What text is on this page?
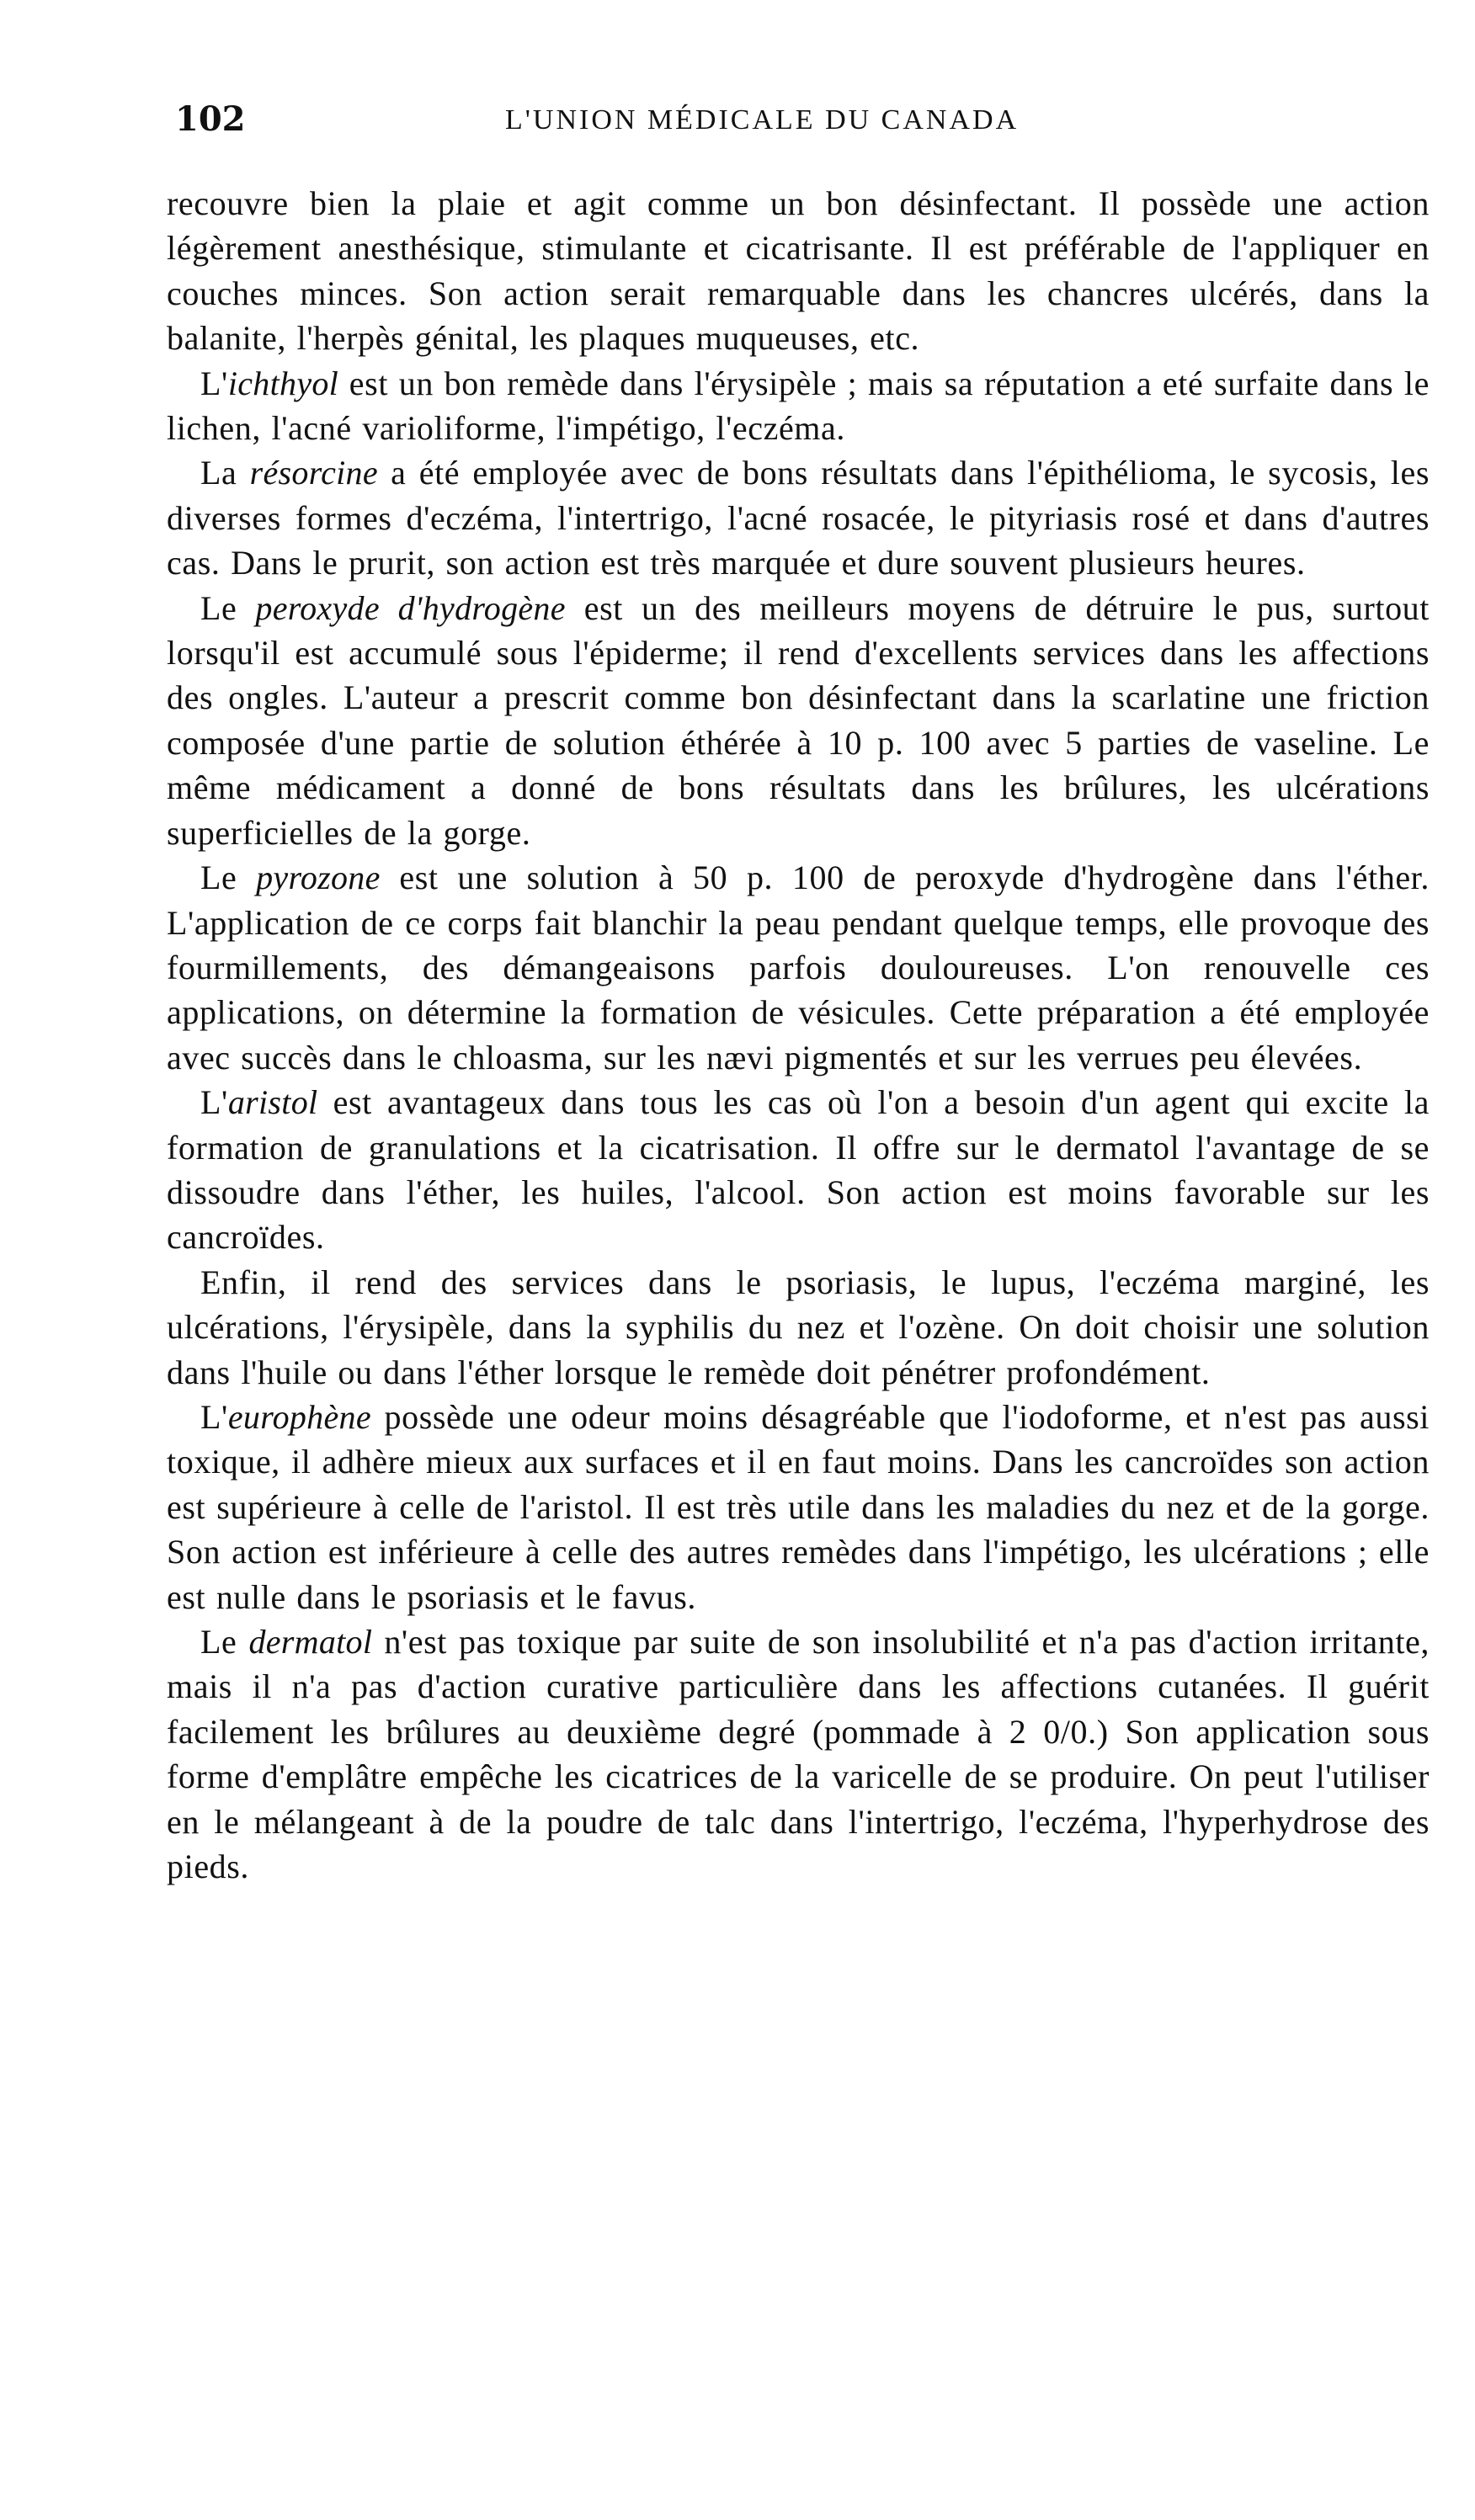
102	L'UNION MÉDICALE DU CANADA

recouvre bien la plaie et agit comme un bon désinfectant. Il possède une action légèrement anesthésique, stimulante et cicatrisante. Il est préférable de l'appliquer en couches minces. Son action serait remarquable dans les chancres ulcérés, dans la balanite, l'herpès génital, les plaques muqueuses, etc.

L'ichthyol est un bon remède dans l'érysipèle ; mais sa réputation a eté surfaite dans le lichen, l'acné varioliforme, l'impétigo, l'eczéma.

La résorcine a été employée avec de bons résultats dans l'épithélioma, le sycosis, les diverses formes d'eczéma, l'intertrigo, l'acné rosacée, le pityriasis rosé et dans d'autres cas. Dans le prurit, son action est très marquée et dure souvent plusieurs heures.

Le peroxyde d'hydrogène est un des meilleurs moyens de détruire le pus, surtout lorsqu'il est accumulé sous l'épiderme; il rend d'excellents services dans les affections des ongles. L'auteur a prescrit comme bon désinfectant dans la scarlatine une friction composée d'une partie de solution éthérée à 10 p. 100 avec 5 parties de vaseline. Le même médicament a donné de bons résultats dans les brûlures, les ulcérations superficielles de la gorge.

Le pyrozone est une solution à 50 p. 100 de peroxyde d'hydrogène dans l'éther. L'application de ce corps fait blanchir la peau pendant quelque temps, elle provoque des fourmillements, des démangeaisons parfois douloureuses. L'on renouvelle ces applications, on détermine la formation de vésicules. Cette préparation a été employée avec succès dans le chloasma, sur les nævi pigmentés et sur les verrues peu élevées.

L'aristol est avantageux dans tous les cas où l'on a besoin d'un agent qui excite la formation de granulations et la cicatrisation. Il offre sur le dermatol l'avantage de se dissoudre dans l'éther, les huiles, l'alcool. Son action est moins favorable sur les cancroïdes.

Enfin, il rend des services dans le psoriasis, le lupus, l'eczéma marginé, les ulcérations, l'érysipèle, dans la syphilis du nez et l'ozène. On doit choisir une solution dans l'huile ou dans l'éther lorsque le remède doit pénétrer profondément.

L'europhène possède une odeur moins désagréable que l'iodoforme, et n'est pas aussi toxique, il adhère mieux aux surfaces et il en faut moins. Dans les cancroïdes son action est supérieure à celle de l'aristol. Il est très utile dans les maladies du nez et de la gorge. Son action est inférieure à celle des autres remèdes dans l'impétigo, les ulcérations ; elle est nulle dans le psoriasis et le favus.

Le dermatol n'est pas toxique par suite de son insolubilité et n'a pas d'action irritante, mais il n'a pas d'action curative particulière dans les affections cutanées. Il guérit facilement les brûlures au deuxième degré (pommade à 2 0/0.) Son application sous forme d'emplâtre empêche les cicatrices de la varicelle de se produire. On peut l'utiliser en le mélangeant à de la poudre de talc dans l'intertrigo, l'eczéma, l'hyperhydrose des pieds.
